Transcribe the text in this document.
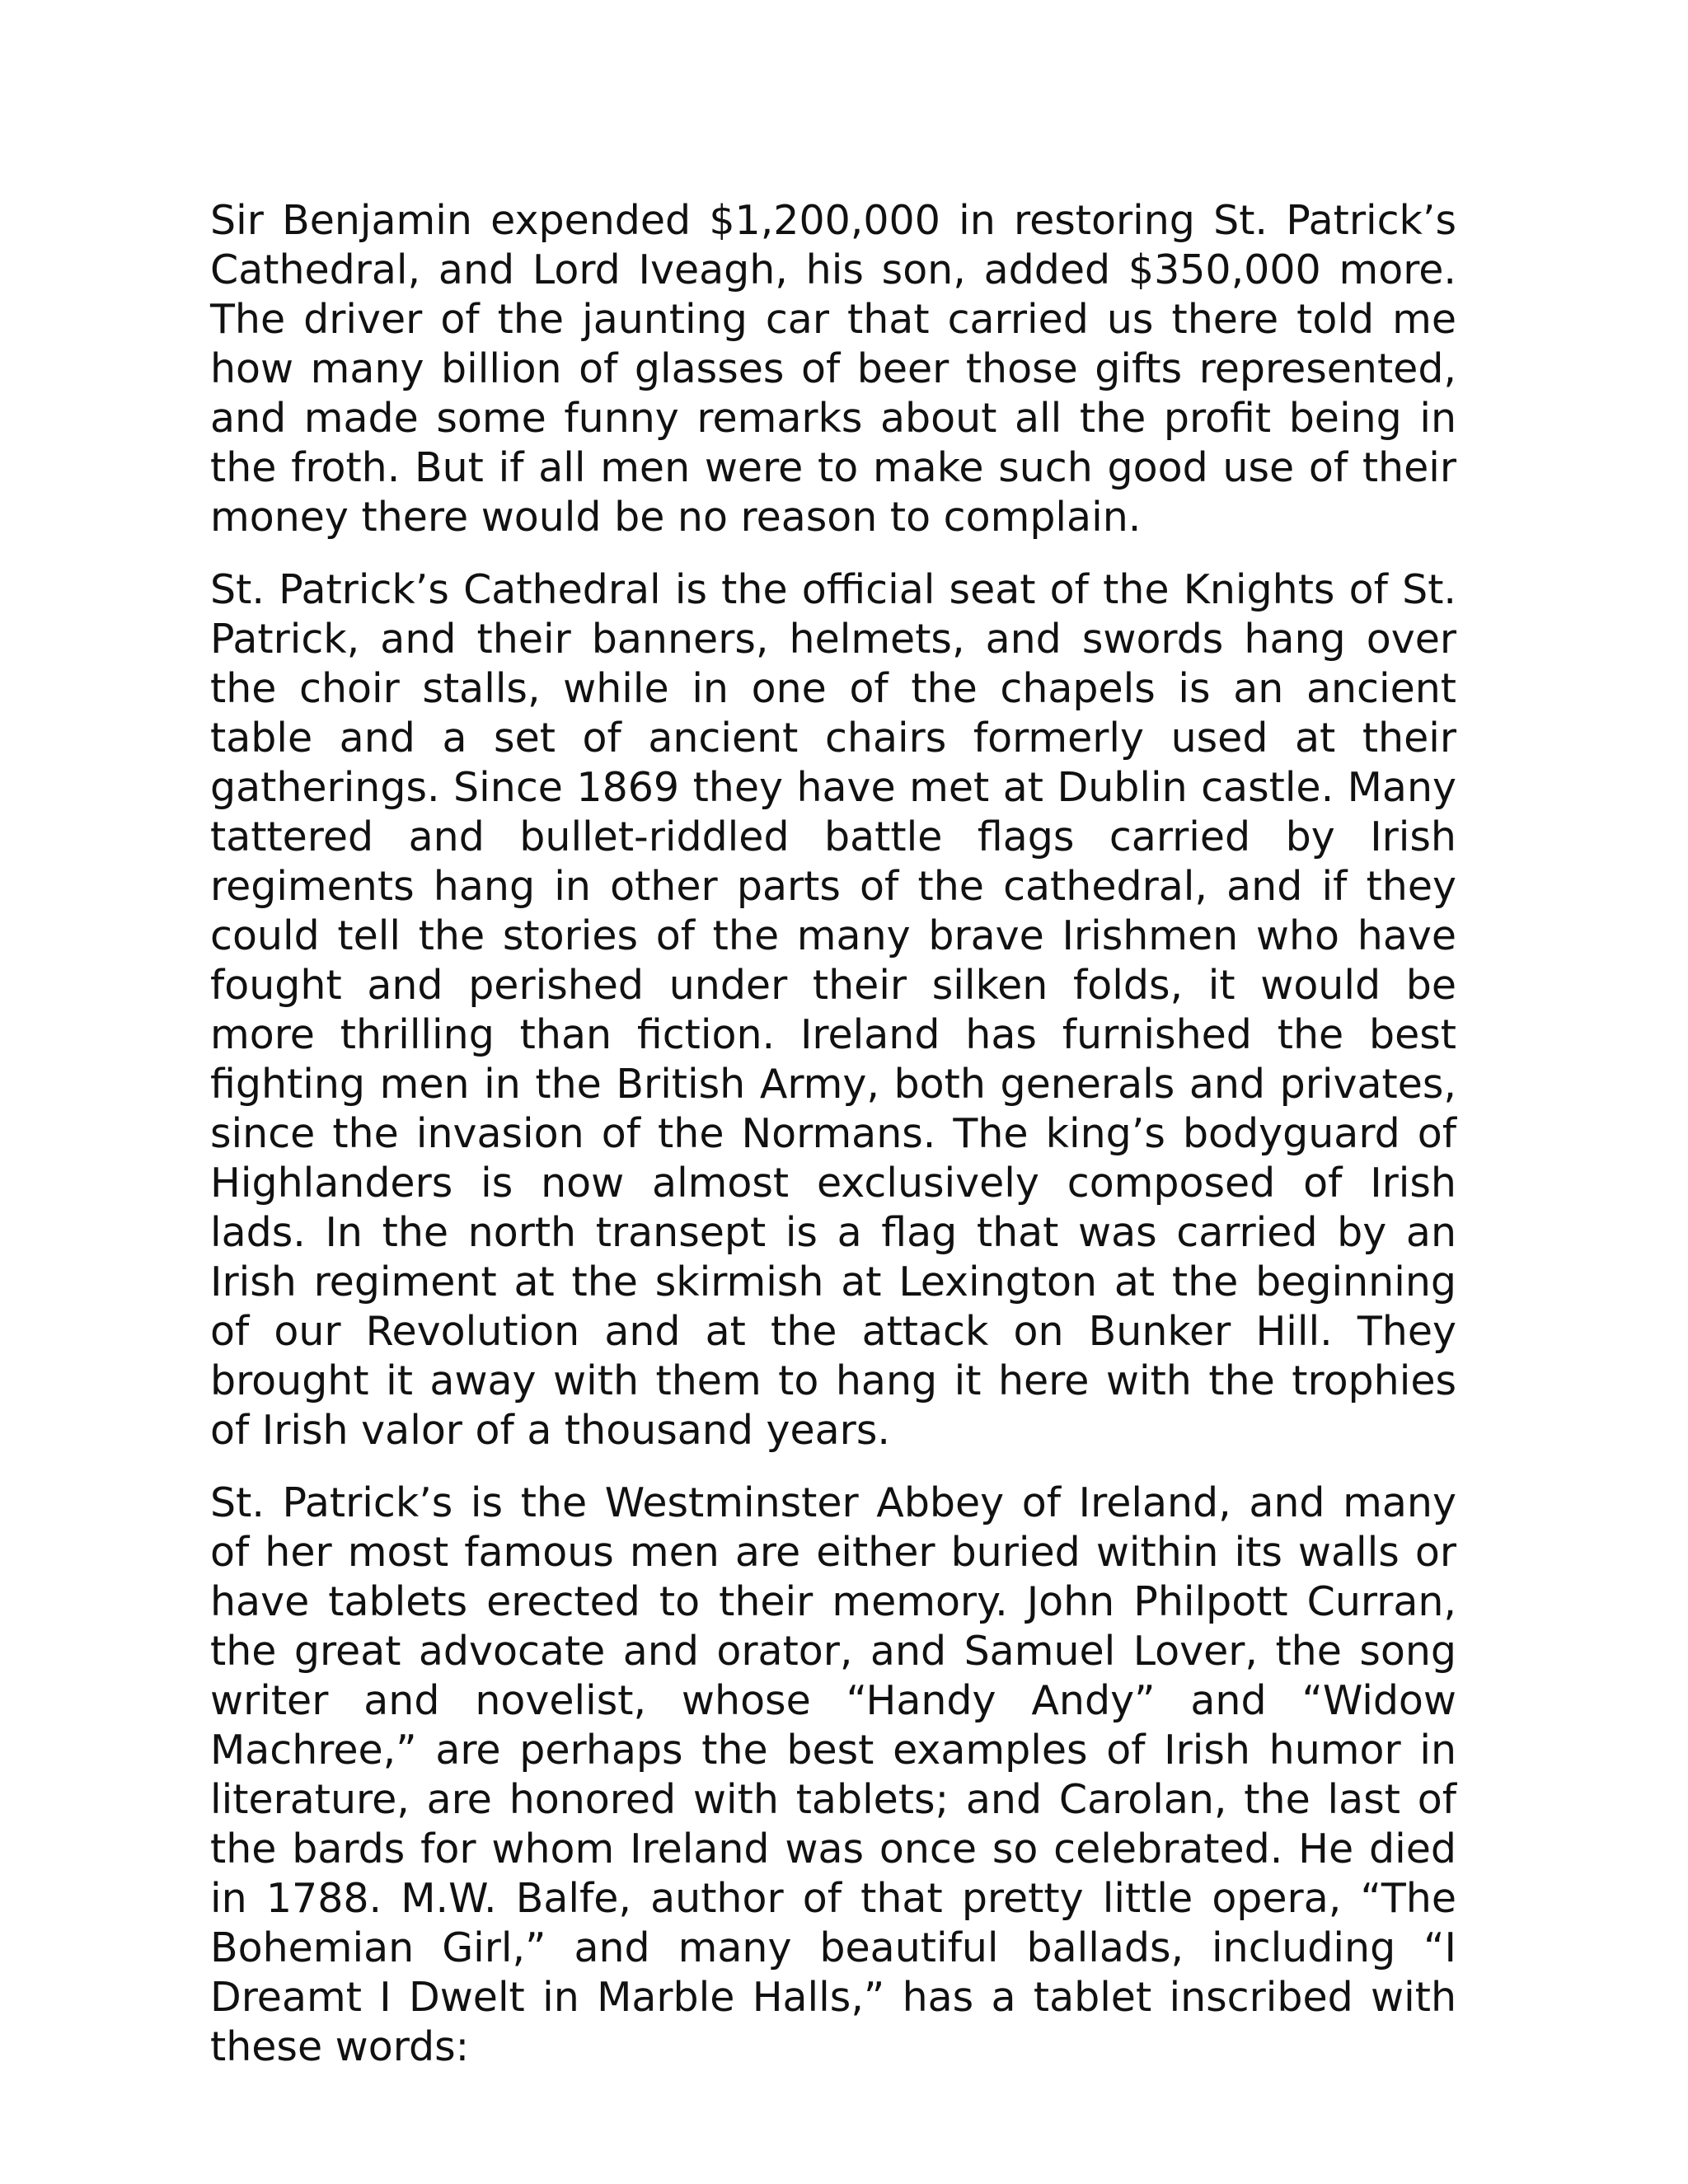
Sir Benjamin expended $1,200,000 in restoring St. Patrick’s Cathedral, and Lord Iveagh, his son, added $350,000 more. The driver of the jaunting car that carried us there told me how many billion of glasses of beer those gifts represented, and made some funny remarks about all the profit being in the froth. But if all men were to make such good use of their money there would be no reason to complain.

St. Patrick’s Cathedral is the official seat of the Knights of St. Patrick, and their banners, helmets, and swords hang over the choir stalls, while in one of the chapels is an ancient table and a set of ancient chairs formerly used at their gatherings. Since 1869 they have met at Dublin castle. Many tattered and bullet-riddled battle flags carried by Irish regiments hang in other parts of the cathedral, and if they could tell the stories of the many brave Irishmen who have fought and perished under their silken folds, it would be more thrilling than fiction. Ireland has furnished the best fighting men in the British Army, both generals and privates, since the invasion of the Normans. The king’s bodyguard of Highlanders is now almost exclusively composed of Irish lads. In the north transept is a flag that was carried by an Irish regiment at the skirmish at Lexington at the beginning of our Revolution and at the attack on Bunker Hill. They brought it away with them to hang it here with the trophies of Irish valor of a thousand years.

St. Patrick’s is the Westminster Abbey of Ireland, and many of her most famous men are either buried within its walls or have tablets erected to their memory. John Philpott Curran, the great advocate and orator, and Samuel Lover, the song writer and novelist, whose “Handy Andy” and “Widow Machree,” are perhaps the best examples of Irish humor in literature, are honored with tablets; and Carolan, the last of the bards for whom Ireland was once so celebrated. He died in 1788. M.W. Balfe, author of that pretty little opera, “The Bohemian Girl,” and many beautiful ballads, including “I Dreamt I Dwelt in Marble Halls,” has a tablet inscribed with these words:
